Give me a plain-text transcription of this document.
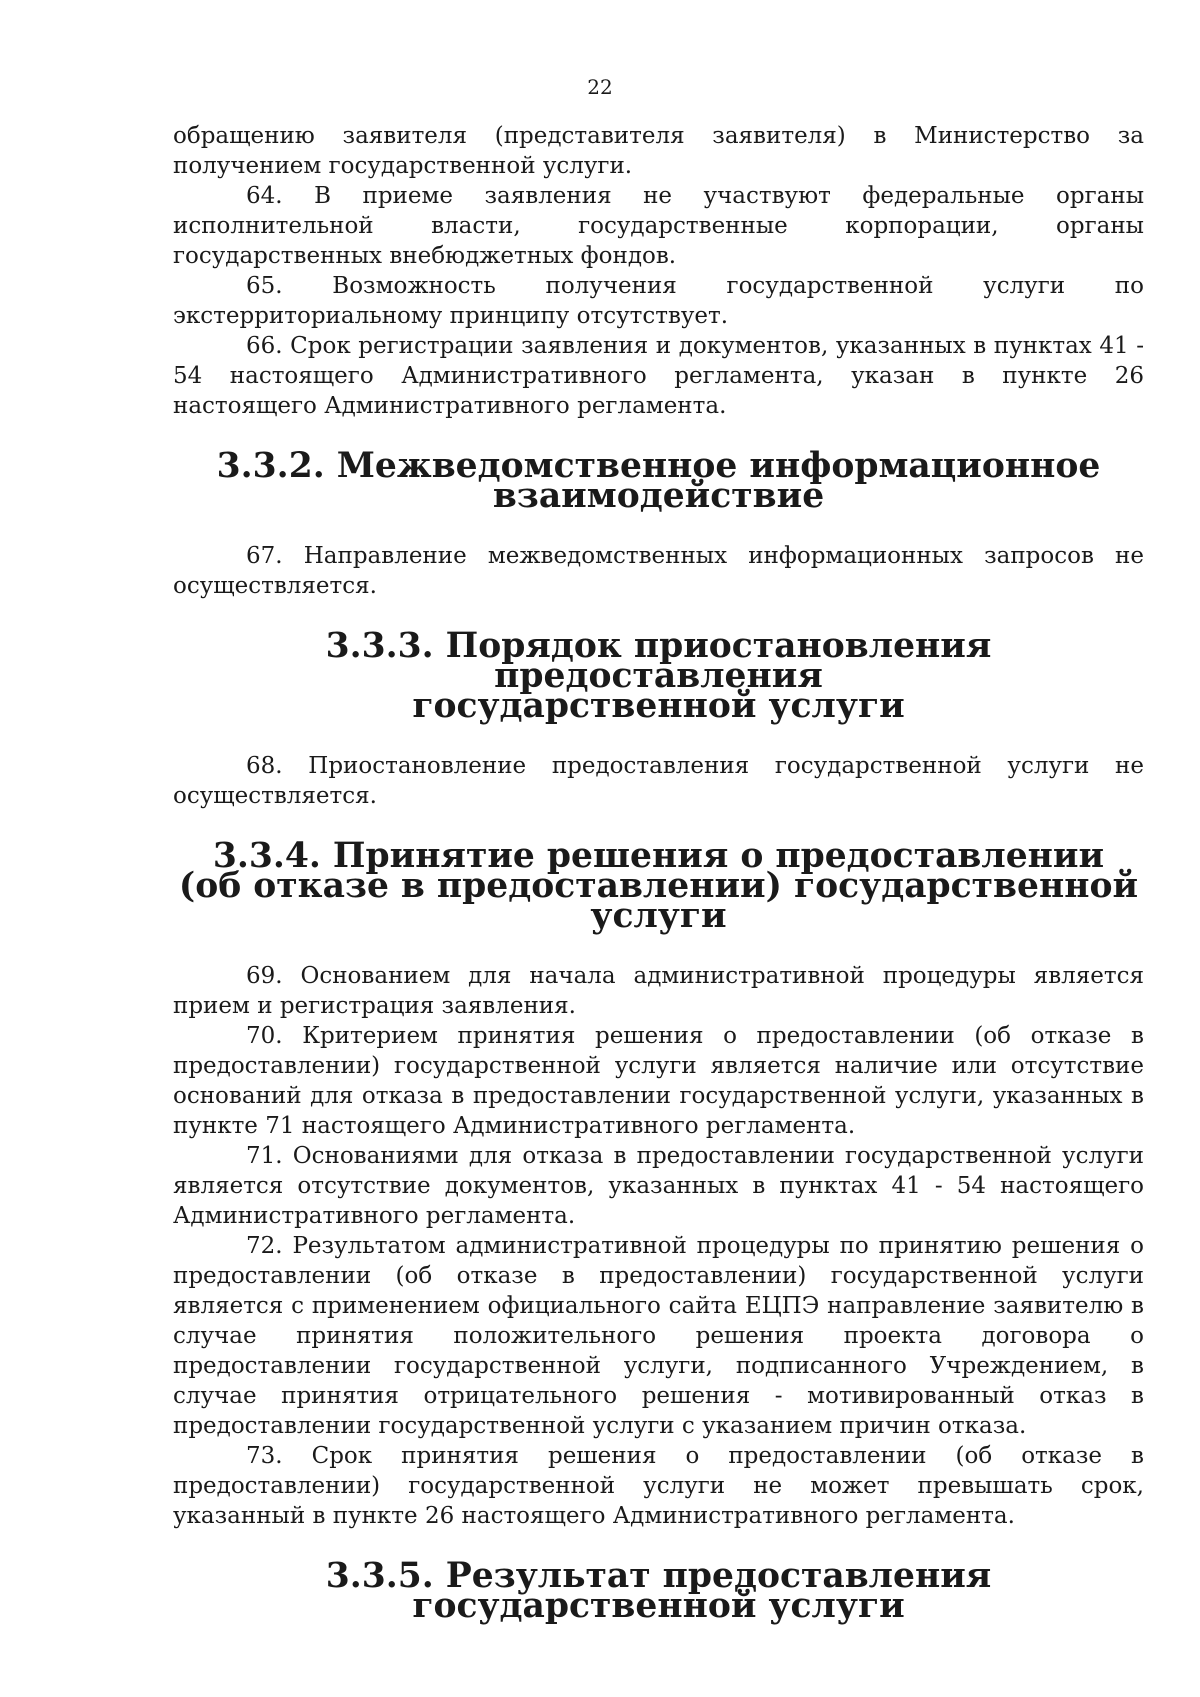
22

обращению заявителя (представителя заявителя) в Министерство за получением государственной услуги.

64. В приеме заявления не участвуют федеральные органы исполнительной власти, государственные корпорации, органы государственных внебюджетных фондов.

65. Возможность получения государственной услуги по экстерриториальному принципу отсутствует.

66. Срок регистрации заявления и документов, указанных в пунктах 41 - 54 настоящего Административного регламента, указан в пункте 26 настоящего Административного регламента.

3.3.2. Межведомственное информационное взаимодействие

67. Направление межведомственных информационных запросов не осуществляется.

3.3.3. Порядок приостановления предоставления
государственной услуги

68. Приостановление предоставления государственной услуги не осуществляется.

3.3.4. Принятие решения о предоставлении
(об отказе в предоставлении) государственной услуги

69. Основанием для начала административной процедуры является прием и регистрация заявления.

70. Критерием принятия решения о предоставлении (об отказе в предоставлении) государственной услуги является наличие или отсутствие оснований для отказа в предоставлении государственной услуги, указанных в пункте 71 настоящего Административного регламента.

71. Основаниями для отказа в предоставлении государственной услуги является отсутствие документов, указанных в пунктах 41 - 54 настоящего Административного регламента.

72. Результатом административной процедуры по принятию решения о предоставлении (об отказе в предоставлении) государственной услуги является с применением официального сайта ЕЦПЭ направление заявителю в случае принятия положительного решения проекта договора о предоставлении государственной услуги, подписанного Учреждением, в случае принятия отрицательного решения - мотивированный отказ в предоставлении государственной услуги с указанием причин отказа.

73. Срок принятия решения о предоставлении (об отказе в предоставлении) государственной услуги не может превышать срок, указанный в пункте 26 настоящего Административного регламента.

3.3.5. Результат предоставления государственной услуги
